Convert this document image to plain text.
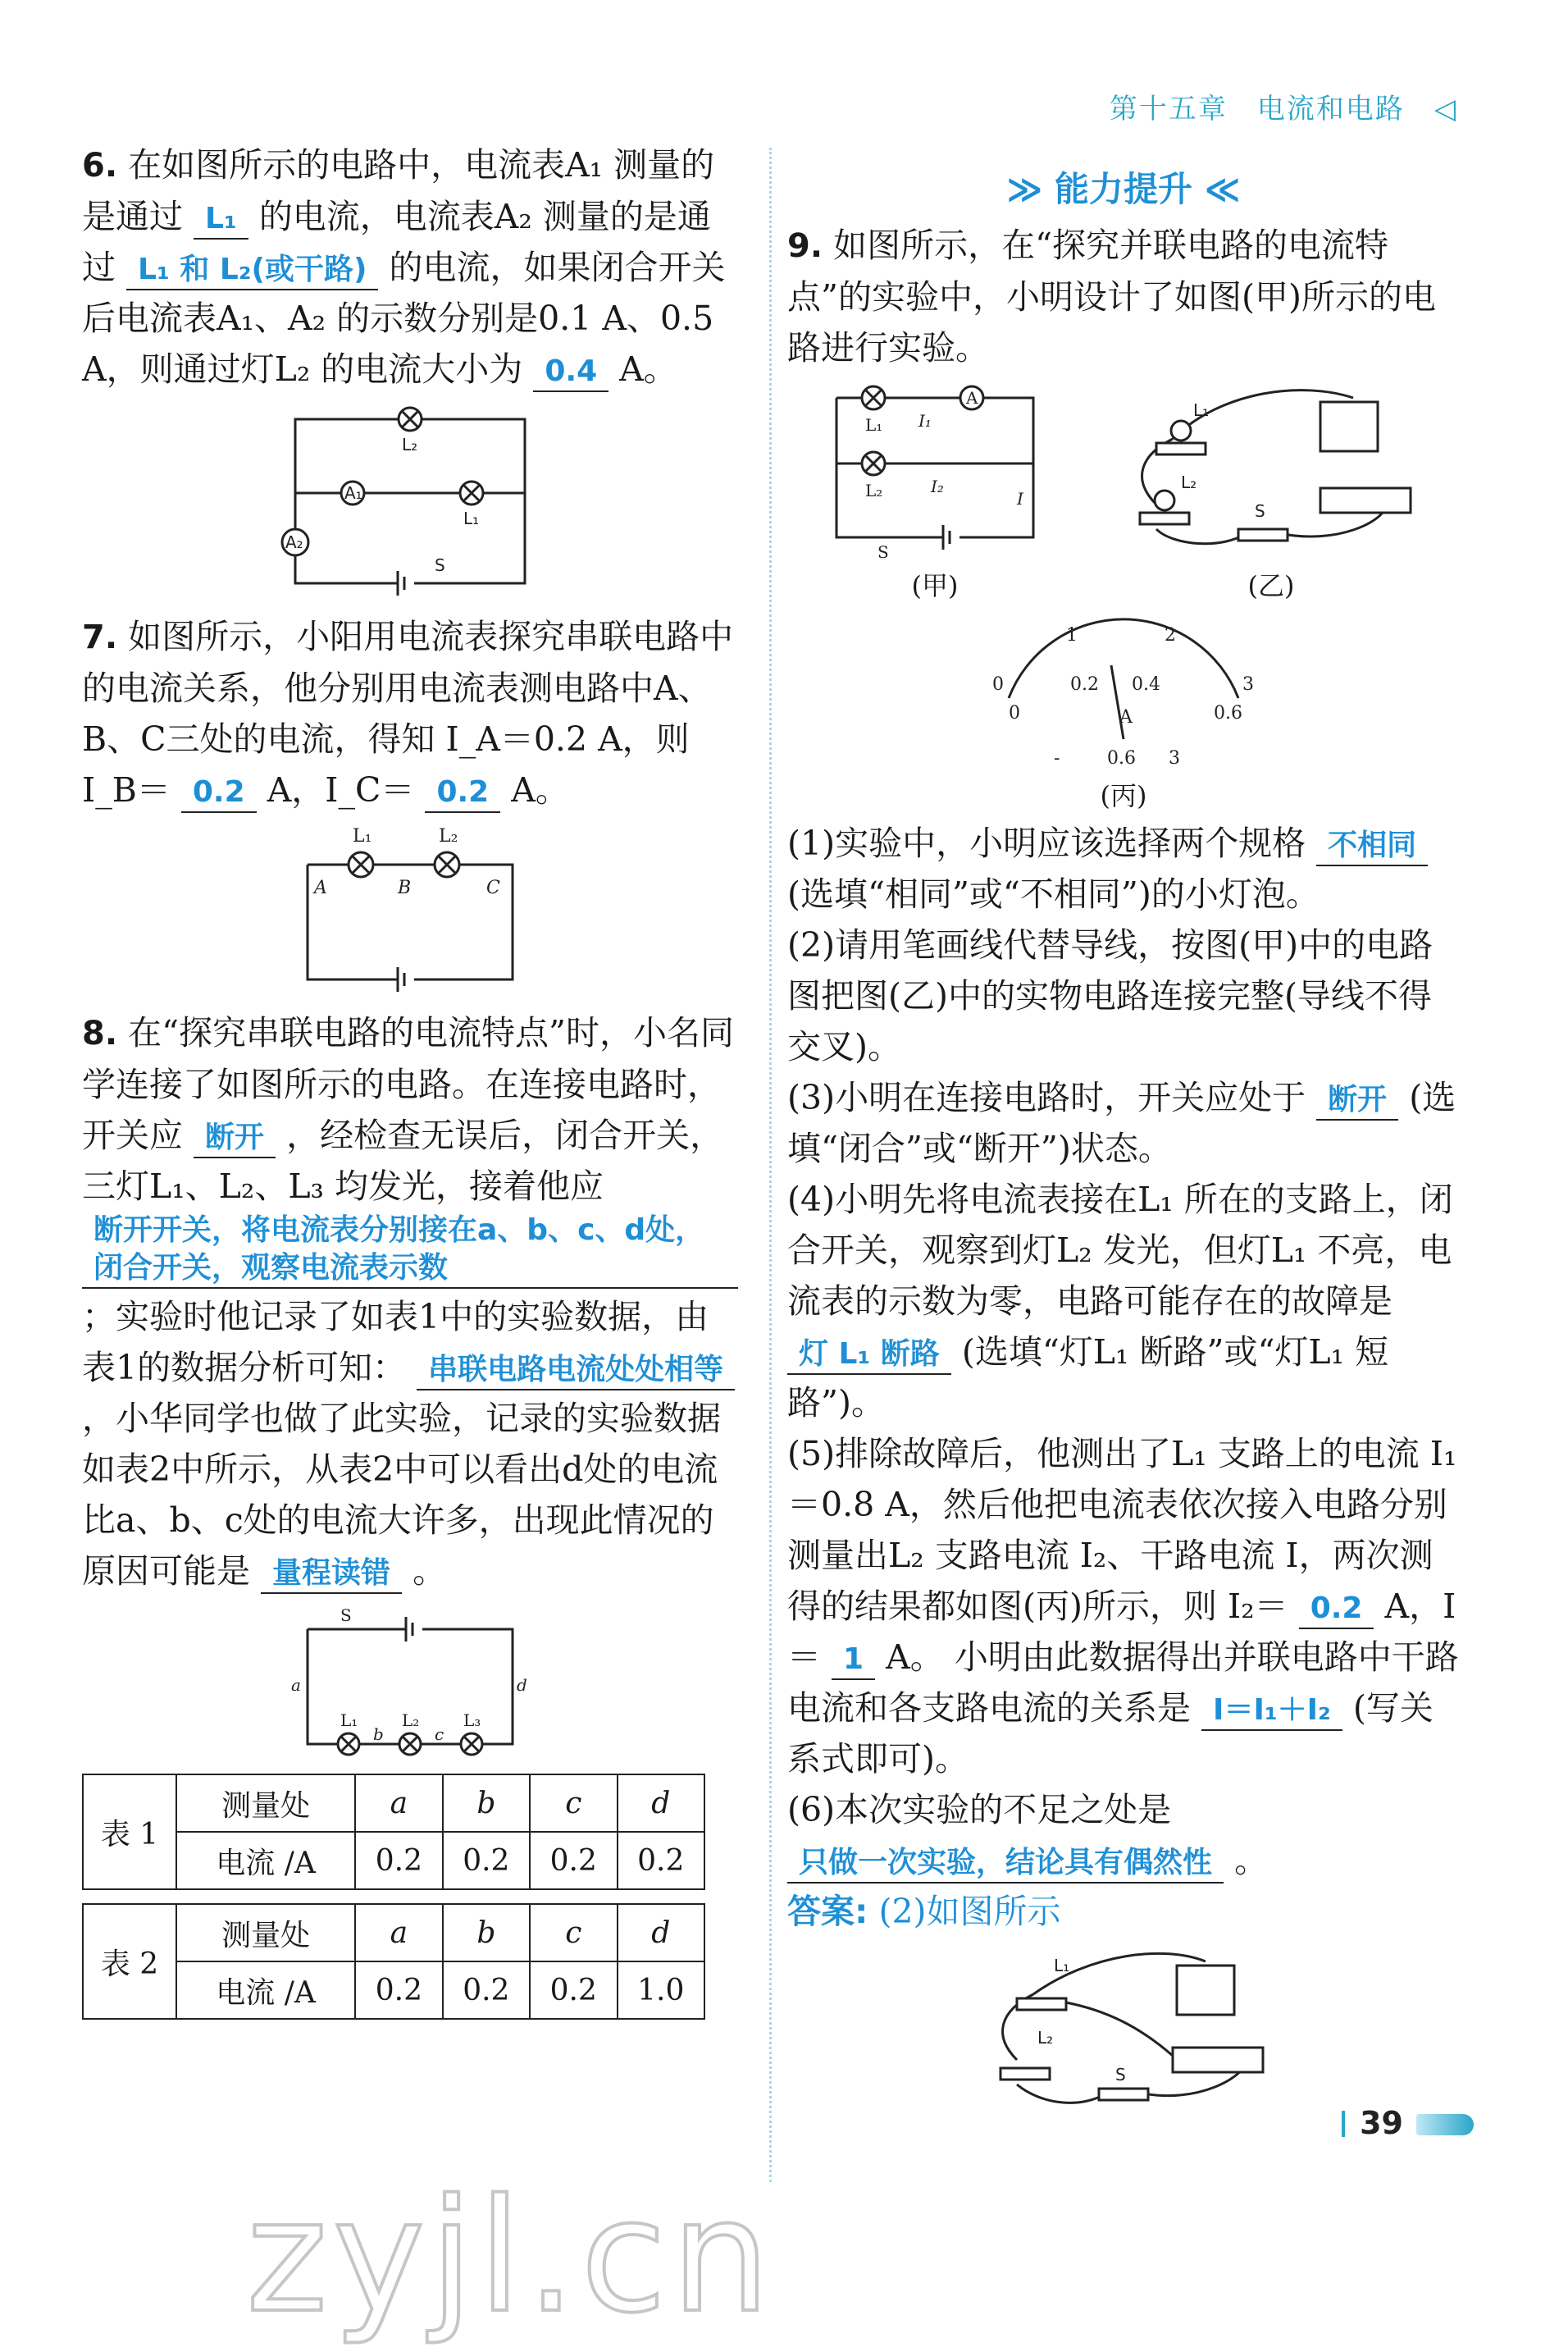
第十五章　电流和电路　◁

6. 在如图所示的电路中，电流表A₁ 测量的是通过 L₁ 的电流，电流表A₂ 测量的是通过 L₁ 和 L₂(或干路) 的电流，如果闭合开关后电流表A₁、A₂ 的示数分别是0.1 A、0.5 A，则通过灯L₂ 的电流大小为 0.4 A。

L₂
A₁
L₁
A₂
S

7. 如图所示，小阳用电流表探究串联电路中的电流关系，他分别用电流表测电路中A、B、C三处的电流，得知 I_A＝0.2 A，则 I_B＝ 0.2 A，I_C＝ 0.2 A。

L₁	L₂
A	B	C

8. 在“探究串联电路的电流特点”时，小名同学连接了如图所示的电路。在连接电路时，开关应 断开 ，经检查无误后，闭合开关，三灯L₁、L₂、L₃ 均发光，接着他应 断开开关，将电流表分别接在a、b、c、d处，闭合开关，观察电流表示数 ；实验时他记录了如表1中的实验数据，由表1的数据分析可知： 串联电路电流处处相等 ，小华同学也做了此实验，记录的实验数据如表2中所示，从表2中可以看出d处的电流比a、b、c处的电流大许多，出现此情况的原因可能是 量程读错 。

S
a	d
L₁	L₂	L₃
b	c
表 1	测量处	a	b	c	d
	电流 /A	0.2	0.2	0.2	0.2
表 2	测量处	a	b	c	d
	电流 /A	0.2	0.2	0.2	1.0
≫ 能力提升 ≪

9. 如图所示，在“探究并联电路的电流特点”的实验中，小明设计了如图(甲)所示的电路进行实验。

A
L₁
L₂
I₁
I₂
I
S
(甲)
L₁
L₂
S
(乙)
0
1	2
3
0
0.2 0.4
0.6
A
-	0.6 3
(丙)

(1)实验中，小明应该选择两个规格 不相同 (选填“相同”或“不相同”)的小灯泡。

(2)请用笔画线代替导线，按图(甲)中的电路图把图(乙)中的实物电路连接完整(导线不得交叉)。

(3)小明在连接电路时，开关应处于 断开 (选填“闭合”或“断开”)状态。

(4)小明先将电流表接在L₁ 所在的支路上，闭合开关，观察到灯L₂ 发光，但灯L₁ 不亮，电流表的示数为零，电路可能存在的故障是 灯 L₁ 断路 (选填“灯L₁ 断路”或“灯L₁ 短路”)。

(5)排除故障后，他测出了L₁ 支路上的电流 I₁＝0.8 A，然后他把电流表依次接入电路分别测量出L₂ 支路电流 I₂、干路电流 I，两次测得的结果都如图(丙)所示，则 I₂＝ 0.2 A，I＝ 1 A。 小明由此数据得出并联电路中干路电流和各支路电流的关系是 I＝I₁＋I₂ (写关系式即可)。

(6)本次实验的不足之处是 只做一次实验，结论具有偶然性 。

答案: (2)如图所示

L₁
L₂
S
39
zyjl.cn
